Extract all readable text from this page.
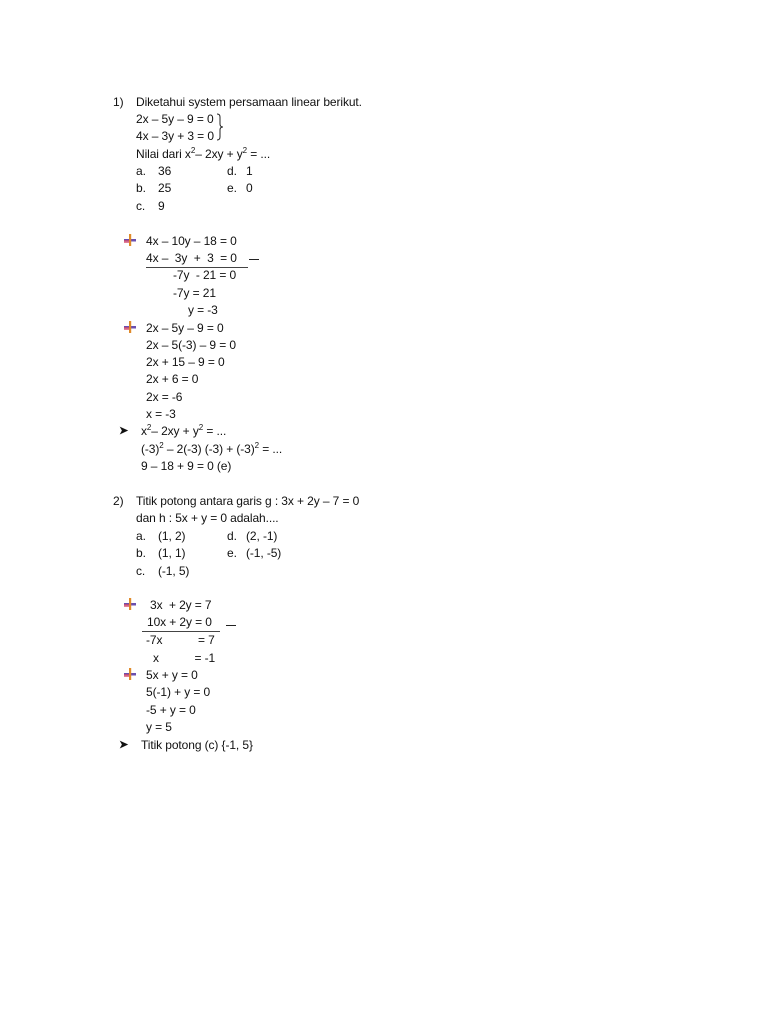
1) Diketahui system persamaan linear berikut.
2x – 5y – 9 = 0
4x – 3y + 3 = 0
Nilai dari $x^2-$ $2xy + y^2$ = ...
a. 36	d. 1
b. 25	e. 0
c. 9
4x – 10y – 18 = 0
4x –  3y  +  3  = 0
-7y  - 21 = 0
-7y = 21
y = -3
2x – 5y – 9 = 0
2x – 5(-3) – 9 = 0
2x + 15 – 9 = 0
2x + 6 = 0
2x = -6
x = -3
➤ $x^2-$ $2xy + y^2$ = ...
$(-3)^2 - 2(-3) (-3) + (-3)^2$ = ...
9 – 18 + 9 = 0 (e)
2) Titik potong antara garis g : 3x + 2y – 7 = 0
dan h : 5x + y = 0 adalah....
a. (1, 2)	d. (2, -1)
b. (1, 1)	e. (-1, -5)
c. (-1, 5)
3x  + 2y = 7
10x + 2y = 0
-7x           = 7
x           = -1
5x + y = 0
5(-1) + y = 0
-5 + y = 0
y = 5
➤ Titik potong (c) {-1, 5}
